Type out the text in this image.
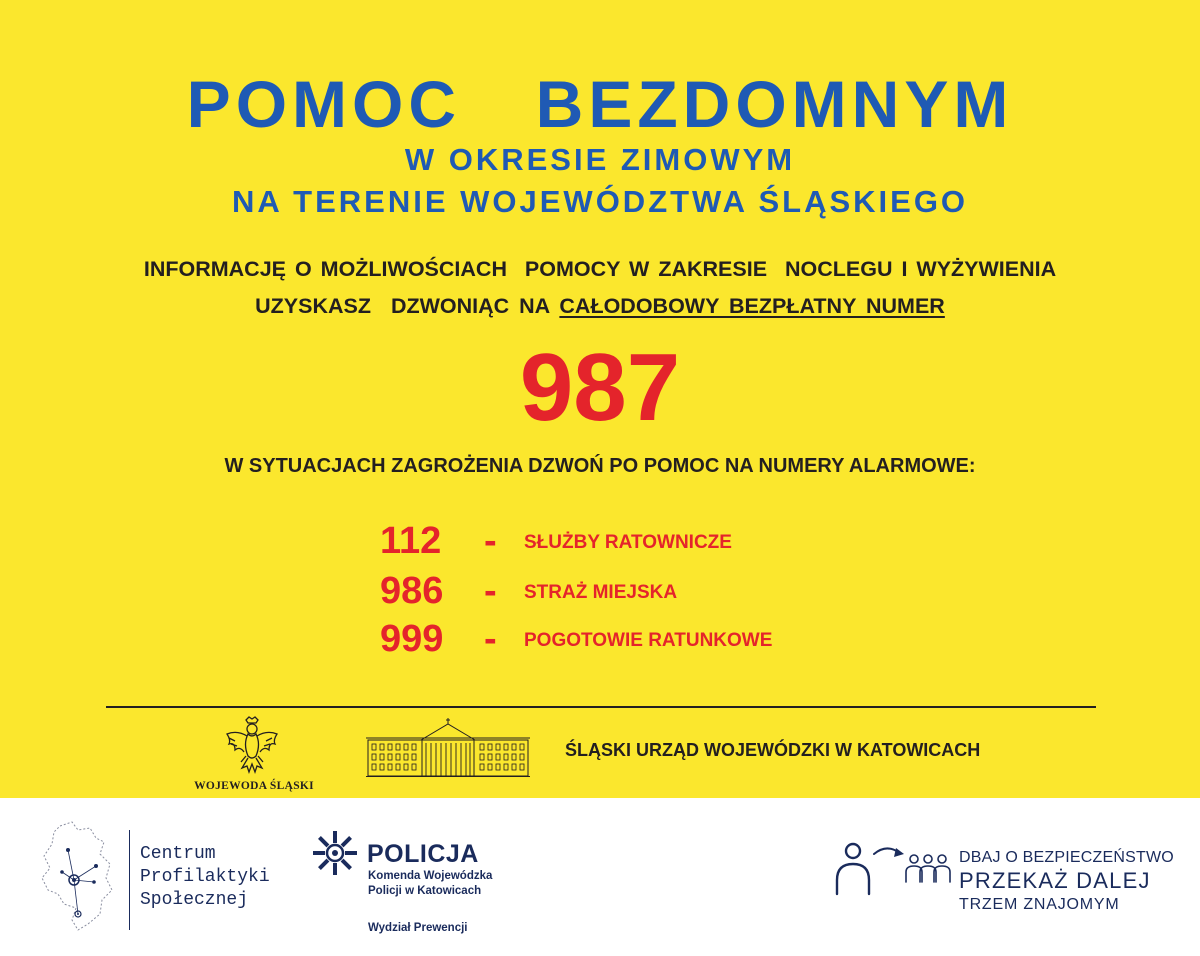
POMOC  BEZDOMNYM
W OKRESIE ZIMOWYM
NA TERENIE WOJEWÓDZTWA ŚLĄSKIEGO
INFORMACJĘ O MOŻLIWOŚCIACH  POMOCY W ZAKRESIE  NOCLEGU I WYŻYWIENIA
UZYSKASZ  DZWONIĄC NA CAŁODOBOWY BEZPŁATNY NUMER
987
W SYTUACJACH ZAGROŻENIA DZWOŃ PO POMOC NA NUMERY ALARMOWE:
112 - SŁUŻBY RATOWNICZE
986 - STRAŻ MIEJSKA
999 - POGOTOWIE RATUNKOWE
WOJEWODA ŚLĄSKI
ŚLĄSKI URZĄD WOJEWÓDZKI W KATOWICACH
Centrum
Profilaktyki
Społecznej
POLICJA
Komenda Wojewódzka
Policji w Katowicach
Wydział Prewencji
DBAJ O BEZPIECZEŃSTWO
PRZEKAŻ DALEJ
TRZEM ZNAJOMYM
